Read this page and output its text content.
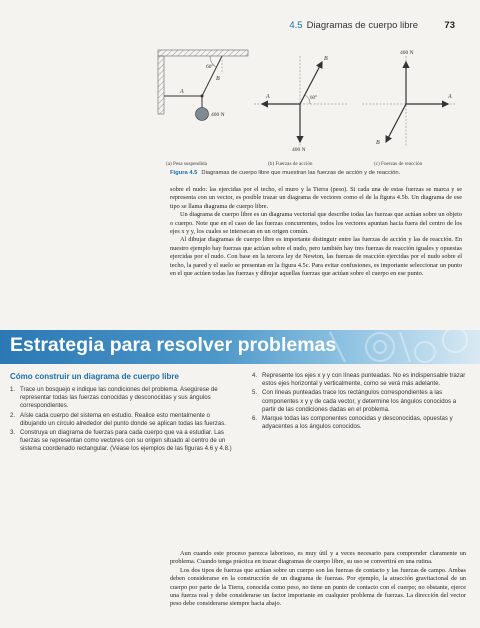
4.5 Diagramas de cuerpo libre	73
60°
A
B
400 N
A
B
60°
400 N
A
B
400 N
(a) Pesa suspendida	(b) Fuerzas de acción	(c) Fuerzas de reacción
Figura 4.5 Diagramas de cuerpo libre que muestran las fuerzas de acción y de reacción.

sobre el nudo: las ejercidas por el techo, el muro y la Tierra (peso). Si cada una de estas fuerzas se marca y se representa con un vector, es posible trazar un diagrama de vectores como el de la figura 4.5b. Un diagrama de ese tipo se llama diagrama de cuerpo libre.

Un diagrama de cuerpo libre es un diagrama vectorial que describe todas las fuerzas que actúan sobre un objeto o cuerpo. Note que en el caso de las fuerzas concurrentes, todos los vectores apuntan hacia fuera del centro de los ejes x y y, los cuales se intersecan en un origen común.

Al dibujar diagramas de cuerpo libre es importante distinguir entre las fuerzas de acción y las de reacción. En nuestro ejemplo hay fuerzas que actúan sobre el nudo, pero también hay tres fuerzas de reacción iguales y opuestas ejercidas por el nudo. Con base en la tercera ley de Newton, las fuerzas de reacción ejercidas por el nudo sobre el techo, la pared y el suelo se presentan en la figura 4.5c. Para evitar confusiones, es importante seleccionar un punto en el que actúen todas las fuerzas y dibujar aquellas fuerzas que actúan sobre el cuerpo en ese punto.

Estrategia para resolver problemas
Cómo construir un diagrama de cuerpo libre
1. Trace un bosquejo e indique las condiciones del problema. Asegúrese de representar todas las fuerzas conocidas y desconocidas y sus ángulos correspondientes.
2. Aísle cada cuerpo del sistema en estudio. Realice esto mentalmente o dibujando un círculo alrededor del punto donde se aplican todas las fuerzas.
3. Construya un diagrama de fuerzas para cada cuerpo que va a estudiar. Las fuerzas se representan como vectores con su origen situado al centro de un sistema coordenado rectangular. (Véase los ejemplos de las figuras 4.6 y 4.8.)
4. Represente los ejes x y y con líneas punteadas. No es indispensable trazar estos ejes horizontal y verticalmente, como se verá más adelante.
5. Con líneas punteadas trace los rectángulos correspondientes a las componentes x y y de cada vector, y determine los ángulos conocidos a partir de las condiciones dadas en el problema.
6. Marque todas las componentes conocidas y desconocidas, opuestas y adyacentes a los ángulos conocidos.

Aun cuando este proceso parezca laborioso, es muy útil y a veces necesario para comprender claramente un problema. Cuando tenga práctica en trazar diagramas de cuerpo libre, su uso se convertirá en una rutina.

Los dos tipos de fuerzas que actúan sobre un cuerpo son las fuerzas de contacto y las fuerzas de campo. Ambas deben considerarse en la construcción de un diagrama de fuerzas. Por ejemplo, la atracción gravitacional de un cuerpo por parte de la Tierra, conocida como peso, no tiene un punto de contacto con el cuerpo; no obstante, ejerce una fuerza real y debe considerarse un factor importante en cualquier problema de fuerzas. La dirección del vector peso debe considerarse siempre hacia abajo.
